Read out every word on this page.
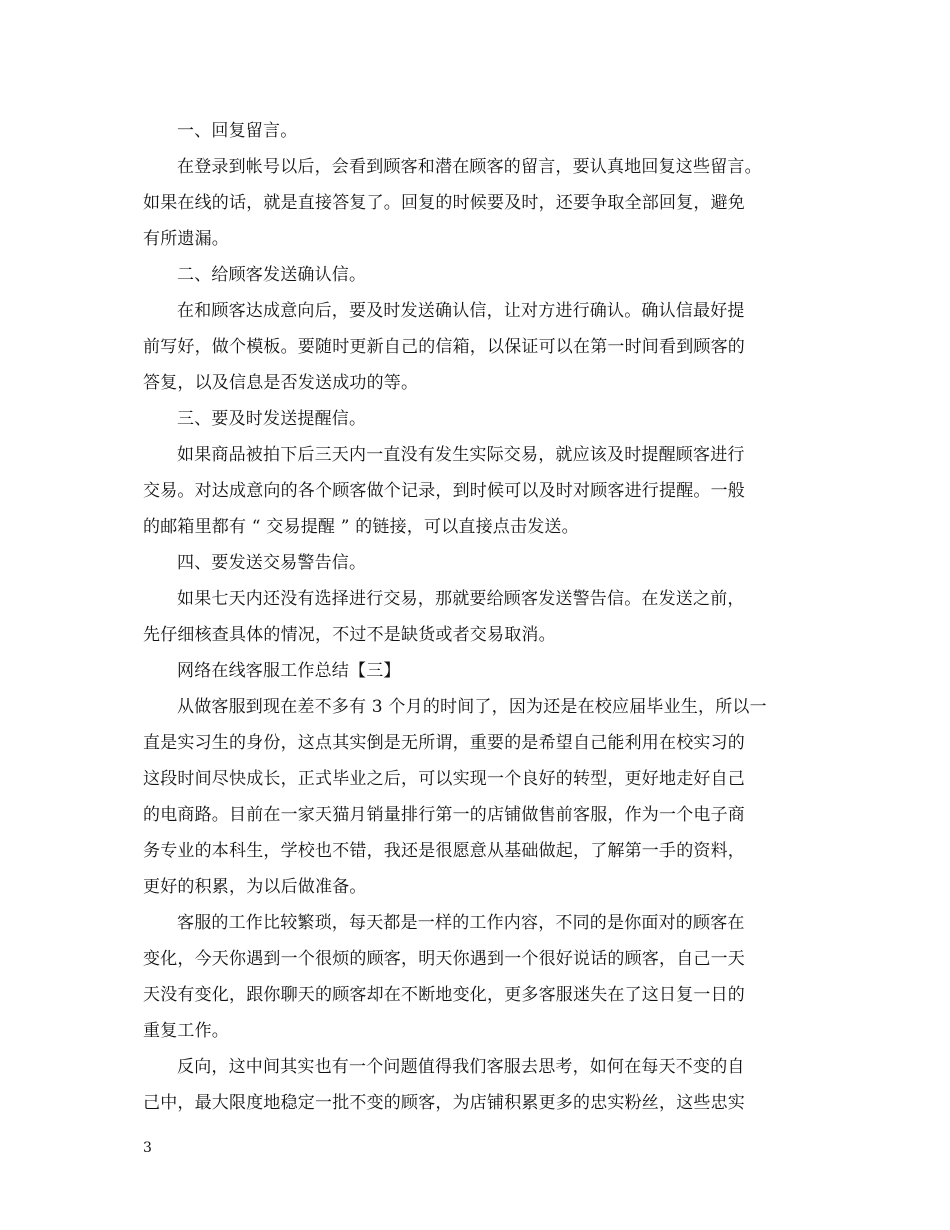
一、回复留言。
在登录到帐号以后，会看到顾客和潜在顾客的留言，要认真地回复这些留言。
如果在线的话，就是直接答复了。回复的时候要及时，还要争取全部回复，避免
有所遗漏。
二、给顾客发送确认信。
在和顾客达成意向后，要及时发送确认信，让对方进行确认。确认信最好提
前写好，做个模板。要随时更新自己的信箱，以保证可以在第一时间看到顾客的
答复，以及信息是否发送成功的等。
三、要及时发送提醒信。
如果商品被拍下后三天内一直没有发生实际交易，就应该及时提醒顾客进行
交易。对达成意向的各个顾客做个记录，到时候可以及时对顾客进行提醒。一般
的邮箱里都有 “ 交易提醒 ” 的链接，可以直接点击发送。
四、要发送交易警告信。
如果七天内还没有选择进行交易，那就要给顾客发送警告信。在发送之前，
先仔细核查具体的情况，不过不是缺货或者交易取消。
网络在线客服工作总结【三】
从做客服到现在差不多有 3 个月的时间了，因为还是在校应届毕业生，所以一
直是实习生的身份，这点其实倒是无所谓，重要的是希望自己能利用在校实习的
这段时间尽快成长，正式毕业之后，可以实现一个良好的转型，更好地走好自己
的电商路。目前在一家天猫月销量排行第一的店铺做售前客服，作为一个电子商
务专业的本科生，学校也不错，我还是很愿意从基础做起，了解第一手的资料，
更好的积累，为以后做准备。
客服的工作比较繁琐，每天都是一样的工作内容，不同的是你面对的顾客在
变化，今天你遇到一个很烦的顾客，明天你遇到一个很好说话的顾客，自己一天
天没有变化，跟你聊天的顾客却在不断地变化，更多客服迷失在了这日复一日的
重复工作。
反向，这中间其实也有一个问题值得我们客服去思考，如何在每天不变的自
己中，最大限度地稳定一批不变的顾客，为店铺积累更多的忠实粉丝，这些忠实
3
